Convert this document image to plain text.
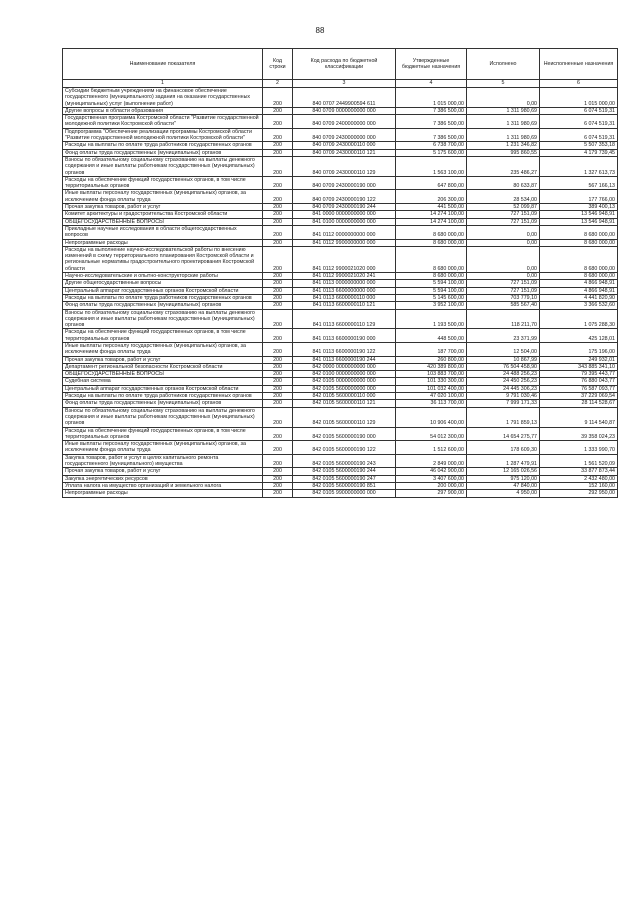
88
Наименование показателя	Код строки	Код расхода по бюджетной классификации	Утвержденные бюджетные назначения	Исполнено	Неисполненные назначения
1	2	3	4	5	6
Субсидии бюджетным учреждениям на финансовое обеспечение государственного (муниципального) задания на оказание государственных (муниципальных) услуг (выполнение работ)	200	840 0707 2449900594 611	1 015 000,00	0,00	1 015 000,00
Другие вопросы в области образования	200	840 0709 0000000000 000	7 386 500,00	1 311 980,69	6 074 519,31
Государственная программа Костромской области "Развитие государственной молодежной политики Костромской области"	200	840 0709 2400000000 000	7 386 500,00	1 311 980,69	6 074 519,31
Подпрограмма "Обеспечение реализации программы Костромской области "Развитие государственной молодежной политики Костромской области"	200	840 0709 2430000000 000	7 386 500,00	1 311 980,69	6 074 519,31
Расходы на выплаты по оплате труда работников государственных органов	200	840 0709 2430000110 000	6 738 700,00	1 231 346,82	5 507 353,18
Фонд оплаты труда государственных (муниципальных) органов	200	840 0709 2430000110 121	5 175 600,00	995 860,55	4 179 739,45
Взносы по обязательному социальному страхованию на выплаты денежного содержания и иные выплаты работникам государственных (муниципальных) органов	200	840 0709 2430000110 129	1 563 100,00	235 486,27	1 327 613,73
Расходы на обеспечение функций государственных органов, в том числе территориальных органов	200	840 0709 2430000190 000	647 800,00	80 633,87	567 166,13
Иные выплаты персоналу государственных (муниципальных) органов, за исключением фонда оплаты труда	200	840 0709 2430000190 122	206 300,00	28 534,00	177 766,00
Прочая закупка товаров, работ и услуг	200	840 0709 2430000190 244	441 500,00	52 099,87	389 400,13
Комитет архитектуры и градостроительства Костромской области	200	841 0000 0000000000 000	14 274 100,00	727 151,09	13 546 948,91
ОБЩЕГОСУДАРСТВЕННЫЕ ВОПРОСЫ	200	841 0100 0000000000 000	14 274 100,00	727 151,09	13 546 948,91
Прикладные научные исследования в области общегосударственных вопросов	200	841 0112 0000000000 000	8 680 000,00	0,00	8 680 000,00
Непрограммные расходы	200	841 0112 9900000000 000	8 680 000,00	0,00	8 680 000,00
Расходы на выполнение научно-исследовательской работы по внесению изменений в схему территориального планирования Костромской области и региональные нормативы градостроительного проектирования Костромской области	200	841 0112 9900021020 000	8 680 000,00	0,00	8 680 000,00
Научно-исследовательские и опытно-конструкторские работы	200	841 0112 9900021020 241	8 680 000,00	0,00	8 680 000,00
Другие общегосударственные вопросы	200	841 0113 0000000000 000	5 594 100,00	727 151,09	4 866 948,91
Центральный аппарат государственных органов Костромской области	200	841 0113 6600000000 000	5 594 100,00	727 151,09	4 866 948,91
Расходы на выплаты по оплате труда работников государственных органов	200	841 0113 6600000110 000	5 145 600,00	703 779,10	4 441 820,90
Фонд оплаты труда государственных (муниципальных) органов	200	841 0113 6600000110 121	3 952 100,00	585 567,40	3 366 532,60
Взносы по обязательному социальному страхованию на выплаты денежного содержания и иные выплаты работникам государственных (муниципальных) органов	200	841 0113 6600000110 129	1 193 500,00	118 211,70	1 075 288,30
Расходы на обеспечение функций государственных органов, в том числе территориальных органов	200	841 0113 6600000190 000	448 500,00	23 371,99	425 128,01
Иные выплаты персоналу государственных (муниципальных) органов, за исключением фонда оплаты труда	200	841 0113 6600000190 122	187 700,00	12 504,00	175 196,00
Прочая закупка товаров, работ и услуг	200	841 0113 6600000190 244	260 800,00	10 867,99	249 932,01
Департамент региональной безопасности Костромской области	200	842 0000 0000000000 000	420 389 800,00	76 504 458,90	343 885 341,10
ОБЩЕГОСУДАРСТВЕННЫЕ ВОПРОСЫ	200	842 0100 0000000000 000	103 883 700,00	24 488 256,23	79 395 443,77
Судебная система	200	842 0105 0000000000 000	101 330 300,00	24 450 256,23	76 880 043,77
Центральный аппарат государственных органов Костромской области	200	842 0105 5600000000 000	101 032 400,00	24 445 306,23	76 587 093,77
Расходы на выплаты по оплате труда работников государственных органов	200	842 0105 5600000110 000	47 020 100,00	9 791 030,46	37 229 069,54
Фонд оплаты труда государственных (муниципальных) органов	200	842 0105 5600000110 121	36 113 700,00	7 999 171,33	28 114 528,67
Взносы по обязательному социальному страхованию на выплаты денежного содержания и иные выплаты работникам государственных (муниципальных) органов	200	842 0105 5600000110 129	10 906 400,00	1 791 859,13	9 114 540,87
Расходы на обеспечение функций государственных органов, в том числе территориальных органов	200	842 0105 5600000190 000	54 012 300,00	14 654 275,77	39 358 024,23
Иные выплаты персоналу государственных (муниципальных) органов, за исключением фонда оплаты труда	200	842 0105 5600000190 122	1 512 600,00	178 609,30	1 333 990,70
Закупка товаров, работ и услуг в целях капитального ремонта государственного (муниципального) имущества	200	842 0105 5600000190 243	2 849 000,00	1 287 479,91	1 561 520,09
Прочая закупка товаров, работ и услуг	200	842 0105 5600000190 244	46 042 900,00	12 165 026,56	33 877 873,44
Закупка энергетических ресурсов	200	842 0105 5600000190 247	3 407 600,00	975 120,00	2 432 480,00
Уплата налога на имущество организаций и земельного налога	200	842 0105 5600000190 851	200 000,00	47 840,00	152 160,00
Непрограммные расходы	200	842 0105 9900000000 000	297 900,00	4 950,00	292 950,00
